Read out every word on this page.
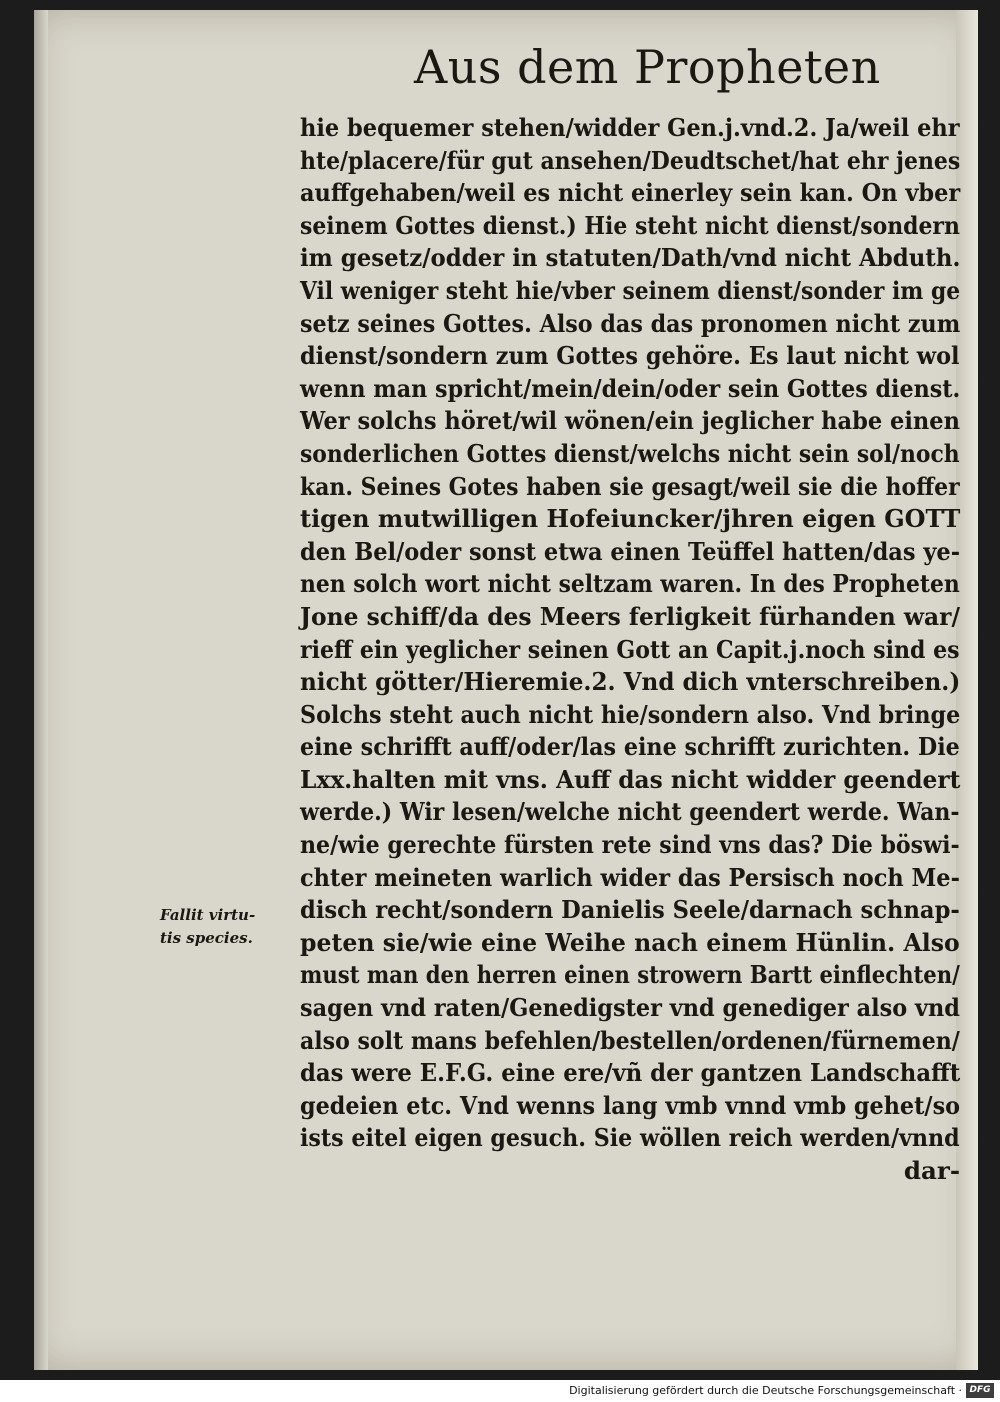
Aus dem Propheten
hie bequemer stehen/widder Gen.j.vnd.2. Ja/weil ehr
hte/placere/für gut ansehen/Deudtschet/hat ehr jenes
auffgehaben/weil es nicht einerley sein kan. On vber
seinem Gottes dienst.) Hie steht nicht dienst/sondern
im gesetz/odder in statuten/Dath/vnd nicht Abduth.
Vil weniger steht hie/vber seinem dienst/sonder im ge
setz seines Gottes. Also das das pronomen nicht zum
dienst/sondern zum Gottes gehöre. Es laut nicht wol
wenn man spricht/mein/dein/oder sein Gottes dienst.
Wer solchs höret/wil wönen/ein jeglicher habe einen
sonderlichen Gottes dienst/welchs nicht sein sol/noch
kan. Seines Gotes haben sie gesagt/weil sie die hoffer
tigen mutwilligen Hofeiuncker/jhren eigen GOTT
den Bel/oder sonst etwa einen Teüffel hatten/das ye-
nen solch wort nicht seltzam waren. In des Propheten
Jone schiff/da des Meers ferligkeit fürhanden war/
rieff ein yeglicher seinen Gott an Capit.j.noch sind es
nicht götter/Hieremie.2. Vnd dich vnterschreiben.)
Solchs steht auch nicht hie/sondern also. Vnd bringe
eine schrifft auff/oder/las eine schrifft zurichten. Die
Lxx.halten mit vns. Auff das nicht widder geendert
werde.) Wir lesen/welche nicht geendert werde. Wan-
ne/wie gerechte fürsten rete sind vns das? Die böswi-
chter meineten warlich wider das Persisch noch Me-
disch recht/sondern Danielis Seele/darnach schnap-
peten sie/wie eine Weihe nach einem Hünlin. Also
must man den herren einen strowern Bartt einflechten/
sagen vnd raten/Genedigster vnd genediger also vnd
also solt mans befehlen/bestellen/ordenen/fürnemen/
das were E.F.G. eine ere/vñ der gantzen Landschafft
gedeien etc. Vnd wenns lang vmb vnnd vmb gehet/so
ists eitel eigen gesuch. Sie wöllen reich werden/vnnd
dar-
Fallit virtu-
tis species.
Digitalisierung gefördert durch die Deutsche Forschungsgemeinschaft · DFG
